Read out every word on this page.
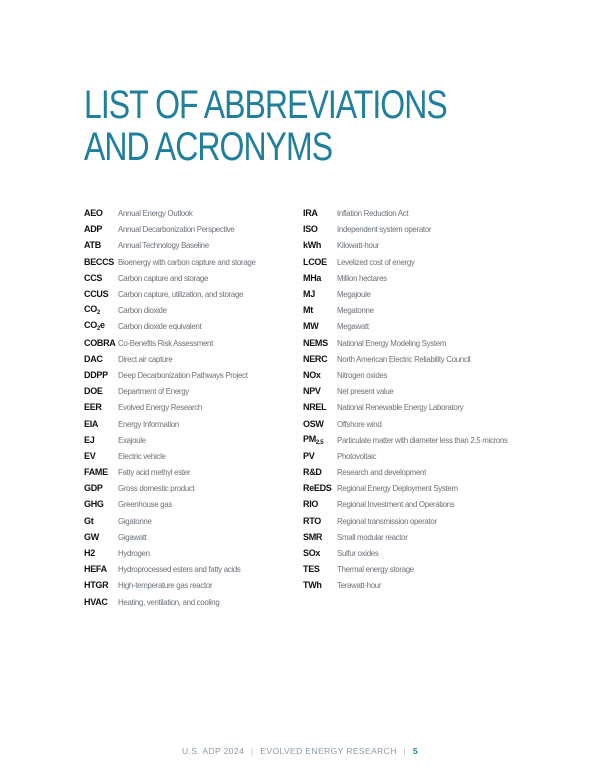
LIST OF ABBREVIATIONS
AND ACRONYMS
AEO	Annual Energy Outlook
ADP	Annual Decarbonization Perspective
ATB	Annual Technology Baseline
BECCS Bioenergy with carbon capture and storage
CCS	Carbon capture and storage
CCUS	Carbon capture, utilization, and storage
$CO_2$	Carbon dioxide
$CO_2e$	Carbon dioxide equivalent
COBRA Co-Benefits Risk Assessment
DAC	Direct air capture
DDPP	Deep Decarbonization Pathways Project
DOE	Department of Energy
EER	Evolved Energy Research
EIA	Energy Information
EJ	Exajoule
EV	Electric vehicle
FAME	Fatty acid methyl ester
GDP	Gross domestic product
GHG	Greenhouse gas
Gt	Gigatonne
GW	Gigawatt
H2	Hydrogen
HEFA	Hydroprocessed esters and fatty acids
HTGR	High-temperature gas reactor
HVAC	Heating, ventilation, and cooling
IRA	Inflation Reduction Act
ISO	Independent system operator
kWh	Kilowatt-hour
LCOE	Levelized cost of energy
MHa	Million hectares
MJ	Megajoule
Mt	Megatonne
MW	Megawatt
NEMS	National Energy Modeling System
NERC	North American Electric Reliability Council
NOx	Nitrogen oxides
NPV	Net present value
NREL	National Renewable Energy Laboratory
OSW	Offshore wind
$PM_{2.5}$	Particulate matter with diameter less than 2.5 microns
PV	Photovoltaic
R&D	Research and development
ReEDS Regional Energy Deployment System
RIO	Regional Investment and Operations
RTO	Regional transmission operator
SMR	Small modular reactor
SOx	Sulfur oxides
TES	Thermal energy storage
TWh	Terawatt-hour
U.S. ADP 2024 | EVOLVED ENERGY RESEARCH | 5
